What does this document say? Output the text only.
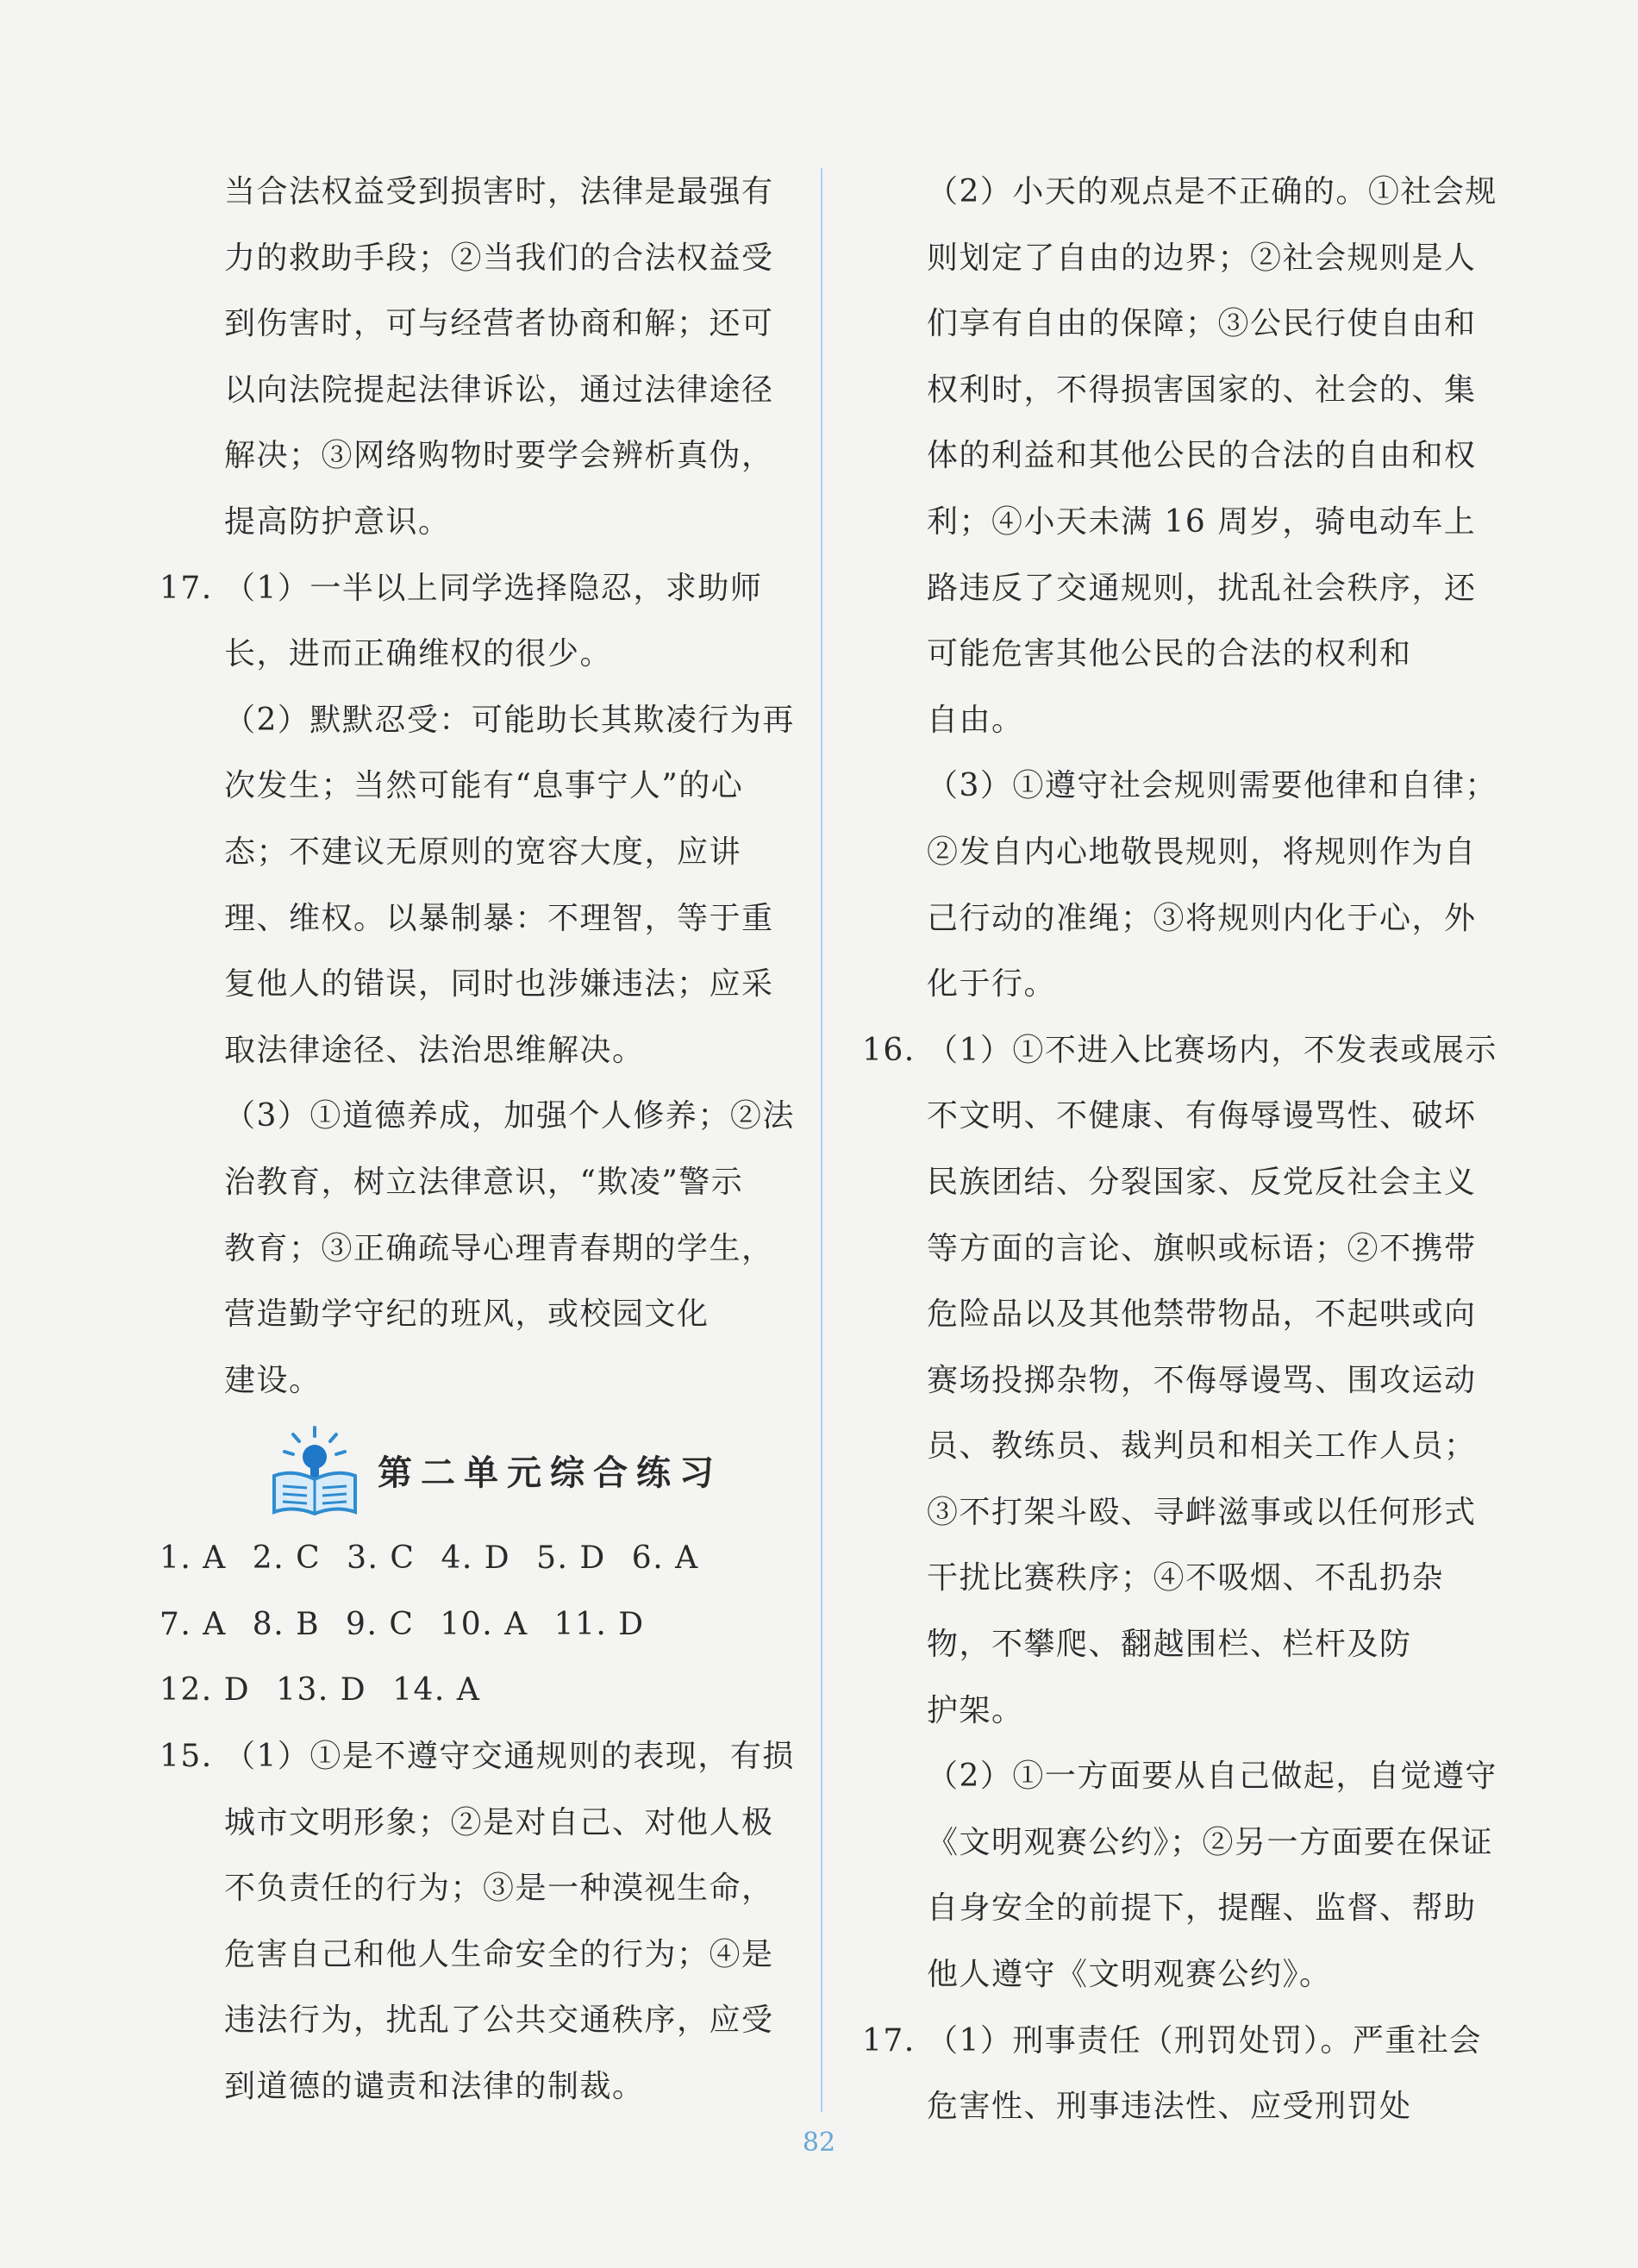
当合法权益受到损害时，法律是最强有
力的救助手段；②当我们的合法权益受
到伤害时，可与经营者协商和解；还可
以向法院提起法律诉讼，通过法律途径
解决；③网络购物时要学会辨析真伪，
提高防护意识。
17. （1）一半以上同学选择隐忍，求助师
长，进而正确维权的很少。
（2）默默忍受：可能助长其欺凌行为再
次发生；当然可能有“息事宁人”的心
态；不建议无原则的宽容大度，应讲
理、维权。以暴制暴：不理智，等于重
复他人的错误，同时也涉嫌违法；应采
取法律途径、法治思维解决。
（3）①道德养成，加强个人修养；②法
治教育，树立法律意识，“欺凌”警示
教育；③正确疏导心理青春期的学生，
营造勤学守纪的班风，或校园文化
建设。
第二单元综合练习
1. A 2. C 3. C 4. D 5. D 6. A
7. A 8. B 9. C 10. A 11. D
12. D 13. D 14. A
15. （1）①是不遵守交通规则的表现，有损
城市文明形象；②是对自己、对他人极
不负责任的行为；③是一种漠视生命，
危害自己和他人生命安全的行为；④是
违法行为，扰乱了公共交通秩序，应受
到道德的谴责和法律的制裁。
（2）小天的观点是不正确的。①社会规
则划定了自由的边界；②社会规则是人
们享有自由的保障；③公民行使自由和
权利时，不得损害国家的、社会的、集
体的利益和其他公民的合法的自由和权
利；④小天未满 16 周岁，骑电动车上
路违反了交通规则，扰乱社会秩序，还
可能危害其他公民的合法的权利和
自由。
（3）①遵守社会规则需要他律和自律；
②发自内心地敬畏规则，将规则作为自
己行动的准绳；③将规则内化于心，外
化于行。
16. （1）①不进入比赛场内，不发表或展示
不文明、不健康、有侮辱谩骂性、破坏
民族团结、分裂国家、反党反社会主义
等方面的言论、旗帜或标语；②不携带
危险品以及其他禁带物品，不起哄或向
赛场投掷杂物，不侮辱谩骂、围攻运动
员、教练员、裁判员和相关工作人员；
③不打架斗殴、寻衅滋事或以任何形式
干扰比赛秩序；④不吸烟、不乱扔杂
物，不攀爬、翻越围栏、栏杆及防
护架。
（2）①一方面要从自己做起，自觉遵守
《文明观赛公约》；②另一方面要在保证
自身安全的前提下，提醒、监督、帮助
他人遵守《文明观赛公约》。
17. （1）刑事责任（刑罚处罚）。严重社会
危害性、刑事违法性、应受刑罚处
82
